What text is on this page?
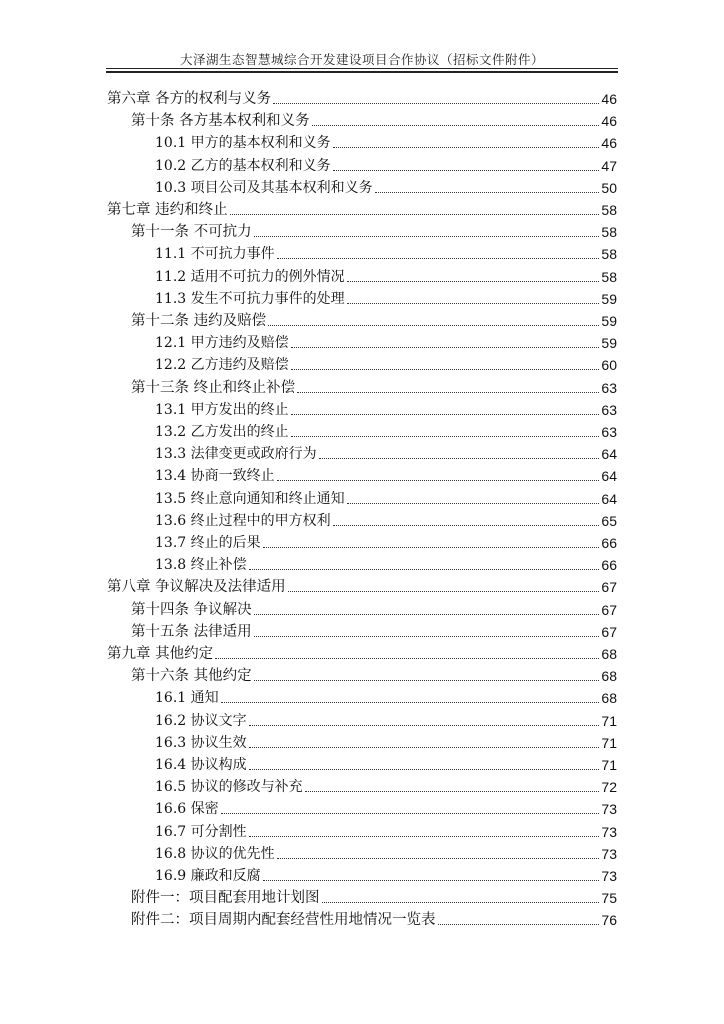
大泽湖生态智慧城综合开发建设项目合作协议（招标文件附件）
第六章 各方的权利与义务	46
第十条 各方基本权利和义务	46
10.1 甲方的基本权利和义务	46
10.2 乙方的基本权利和义务	47
10.3 项目公司及其基本权利和义务	50
第七章 违约和终止	58
第十一条 不可抗力	58
11.1 不可抗力事件	58
11.2 适用不可抗力的例外情况	58
11.3 发生不可抗力事件的处理	59
第十二条 违约及赔偿	59
12.1 甲方违约及赔偿	59
12.2 乙方违约及赔偿	60
第十三条 终止和终止补偿	63
13.1 甲方发出的终止	63
13.2 乙方发出的终止	63
13.3 法律变更或政府行为	64
13.4 协商一致终止	64
13.5 终止意向通知和终止通知	64
13.6 终止过程中的甲方权利	65
13.7 终止的后果	66
13.8 终止补偿	66
第八章 争议解决及法律适用	67
第十四条 争议解决	67
第十五条 法律适用	67
第九章 其他约定	68
第十六条 其他约定	68
16.1 通知	68
16.2 协议文字	71
16.3 协议生效	71
16.4 协议构成	71
16.5 协议的修改与补充	72
16.6 保密	73
16.7 可分割性	73
16.8 协议的优先性	73
16.9 廉政和反腐	73
附件一：项目配套用地计划图	75
附件二：项目周期内配套经营性用地情况一览表	76
